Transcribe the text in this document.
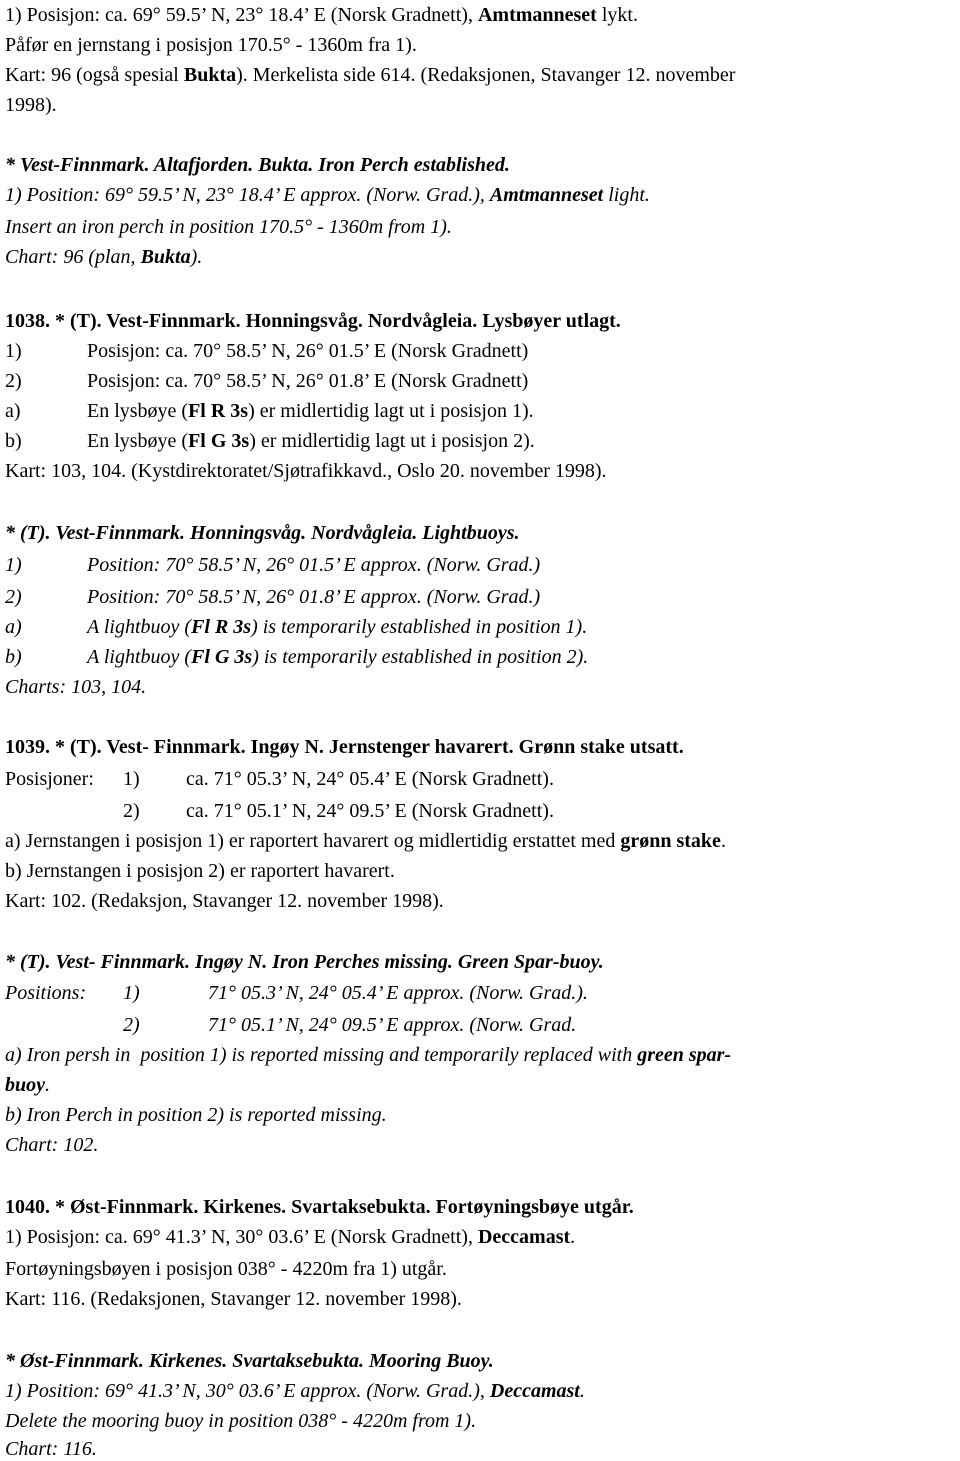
1) Posisjon: ca. 69° 59.5’ N, 23° 18.4’ E (Norsk Gradnett), Amtmanneset lykt.
Påfør en jernstang i posisjon 170.5° - 1360m fra 1).
Kart: 96 (også spesial Bukta). Merkelista side 614. (Redaksjonen, Stavanger 12. november
1998).
* Vest-Finnmark. Altafjorden. Bukta. Iron Perch established.
1) Position: 69° 59.5’ N, 23° 18.4’ E approx. (Norw. Grad.), Amtmanneset light.
Insert an iron perch in position 170.5° - 1360m from 1).
Chart: 96 (plan, Bukta).
1038. * (T). Vest-Finnmark. Honningsvåg. Nordvågleia. Lysbøyer utlagt.
1)	Posisjon: ca. 70° 58.5’ N, 26° 01.5’ E (Norsk Gradnett)
2)	Posisjon: ca. 70° 58.5’ N, 26° 01.8’ E (Norsk Gradnett)
a)	En lysbøye (Fl R 3s) er midlertidig lagt ut i posisjon 1).
b)	En lysbøye (Fl G 3s) er midlertidig lagt ut i posisjon 2).
Kart: 103, 104. (Kystdirektoratet/Sjøtrafikkavd., Oslo 20. november 1998).
* (T). Vest-Finnmark. Honningsvåg. Nordvågleia. Lightbuoys.
1)	Position: 70° 58.5’ N, 26° 01.5’ E approx. (Norw. Grad.)
2)	Position: 70° 58.5’ N, 26° 01.8’ E approx. (Norw. Grad.)
a)	A lightbuoy (Fl R 3s) is temporarily established in position 1).
b)	A lightbuoy (Fl G 3s) is temporarily established in position 2).
Charts: 103, 104.
1039. * (T). Vest- Finnmark. Ingøy N. Jernstenger havarert. Grønn stake utsatt.
Posisjoner: 1) ca. 71° 05.3’ N, 24° 05.4’ E (Norsk Gradnett).
2) ca. 71° 05.1’ N, 24° 09.5’ E (Norsk Gradnett).
a) Jernstangen i posisjon 1) er raportert havarert og midlertidig erstattet med grønn stake.
b) Jernstangen i posisjon 2) er raportert havarert.
Kart: 102. (Redaksjon, Stavanger 12. november 1998).
* (T). Vest- Finnmark. Ingøy N. Iron Perches missing. Green Spar-buoy.
Positions: 1)	71° 05.3’ N, 24° 05.4’ E approx. (Norw. Grad.).
2)	71° 05.1’ N, 24° 09.5’ E approx. (Norw. Grad.
a) Iron persh in  position 1) is reported missing and temporarily replaced with green spar-
buoy.
b) Iron Perch in position 2) is reported missing.
Chart: 102.
1040. * Øst-Finnmark. Kirkenes. Svartaksebukta. Fortøyningsbøye utgår.
1) Posisjon: ca. 69° 41.3’ N, 30° 03.6’ E (Norsk Gradnett), Deccamast.
Fortøyningsbøyen i posisjon 038° - 4220m fra 1) utgår.
Kart: 116. (Redaksjonen, Stavanger 12. november 1998).
* Øst-Finnmark. Kirkenes. Svartaksebukta. Mooring Buoy.
1) Position: 69° 41.3’ N, 30° 03.6’ E approx. (Norw. Grad.), Deccamast.
Delete the mooring buoy in position 038° - 4220m from 1).
Chart: 116.
